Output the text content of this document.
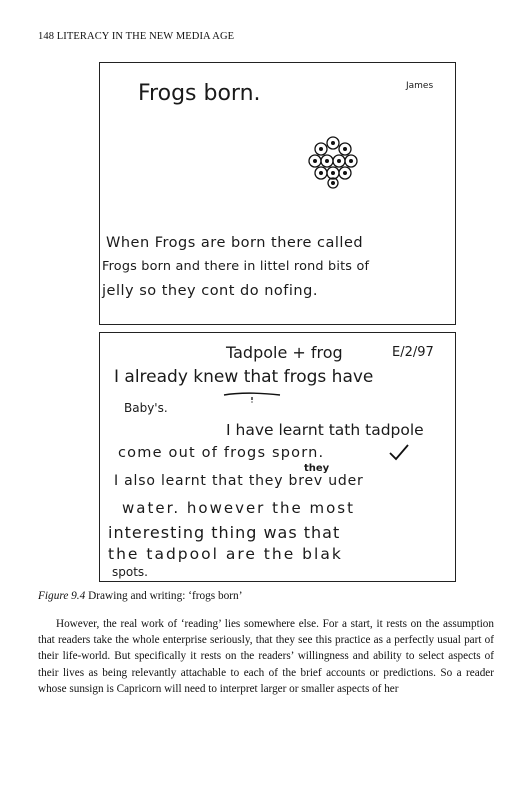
148 LITERACY IN THE NEW MEDIA AGE
Frogs born.	James
When Frogs are born there called
Frogs born and there in littel rond bits of
jelly so they cont do nofing.
Tadpole + frog	E/2/97
I already knew that frogs have
Baby's.
I have learnt tath tadpole
come out of frogs sporn.
they
I also learnt that they brev uder
water. however the most
interesting thing was that
the tadpool are the blak
spots.
Figure 9.4 Drawing and writing: ‘frogs born’

However, the real work of ‘reading’ lies somewhere else. For a start, it rests on the assumption that readers take the whole enterprise seriously, that they see this practice as a perfectly usual part of their life-world. But specifically it rests on the readers’ willingness and ability to select aspects of their lives as being relevantly attachable to each of the brief accounts or predictions. So a reader whose sunsign is Capricorn will need to interpret larger or smaller aspects of her
